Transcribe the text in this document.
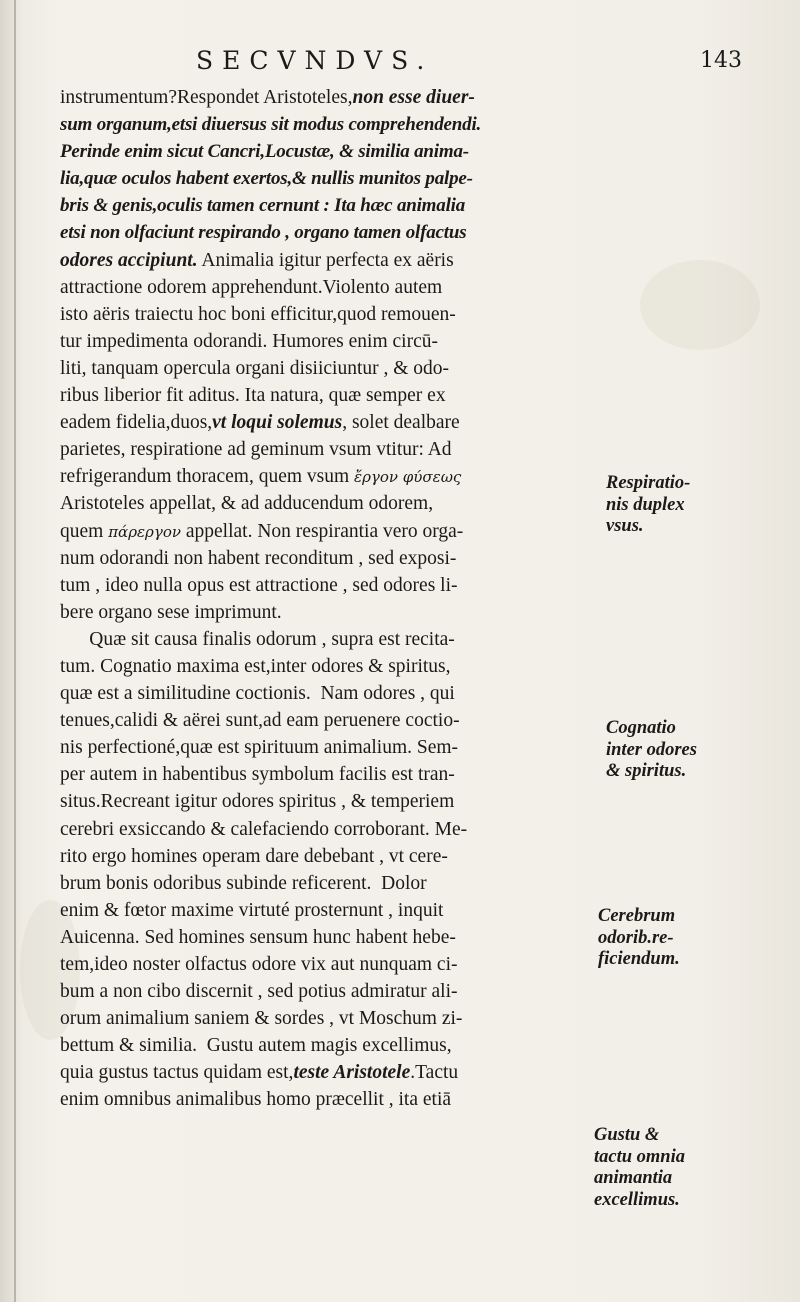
SECVNDVS.	143
instrumentum?Respondet Aristoteles,non esse diuer-
sum organum,etsi diuersus sit modus comprehendendi.
Perinde enim sicut Cancri,Locustæ, & similia anima-
lia,quæ oculos habent exertos,& nullis munitos palpe-
bris & genis,oculis tamen cernunt : Ita hæc animalia
etsi non olfaciunt respirando , organo tamen olfactus
odores accipiunt. Animalia igitur perfecta ex aëris
attractione odorem apprehendunt.Violento autem
isto aëris traiectu hoc boni efficitur,quod remouen-
tur impedimenta odorandi. Humores enim circū-
liti, tanquam opercula organi disiiciuntur , & odo-
ribus liberior fit aditus. Ita natura, quæ semper ex
eadem fidelia,duos,vt loqui solemus, solet dealbare
parietes, respiratione ad geminum vsum vtitur: Ad
refrigerandum thoracem, quem vsum ἔργον φύσεως
Aristoteles appellat, & ad adducendum odorem,
quem πάρεργον appellat. Non respirantia vero orga-
num odorandi non habent reconditum , sed exposi-
tum , ideo nulla opus est attractione , sed odores li-
bere organo sese imprimunt.
Quæ sit causa finalis odorum , supra est recita-
tum. Cognatio maxima est,inter odores & spiritus,
quæ est a similitudine coctionis.  Nam odores , qui
tenues,calidi & aërei sunt,ad eam peruenere coctio-
nis perfectioné,quæ est spirituum animalium. Sem-
per autem in habentibus symbolum facilis est tran-
situs.Recreant igitur odores spiritus , & temperiem
cerebri exsiccando & calefaciendo corroborant. Me-
rito ergo homines operam dare debebant , vt cere-
brum bonis odoribus subinde reficerent.  Dolor
enim & fœtor maxime virtuté prosternunt , inquit
Auicenna. Sed homines sensum hunc habent hebe-
tem,ideo noster olfactus odore vix aut nunquam ci-
bum a non cibo discernit , sed potius admiratur ali-
orum animalium saniem & sordes , vt Moschum zi-
bettum & similia.  Gustu autem magis excellimus,
quia gustus tactus quidam est,teste Aristotele.Tactu
enim omnibus animalibus homo præcellit , ita etiā
Respiratio-
nis duplex
vsus.
Cognatio
inter odores
& spiritus.
Cerebrum
odorib.re-
ficiendum.
Gustu &
tactu omnia
animantia
excellimus.
